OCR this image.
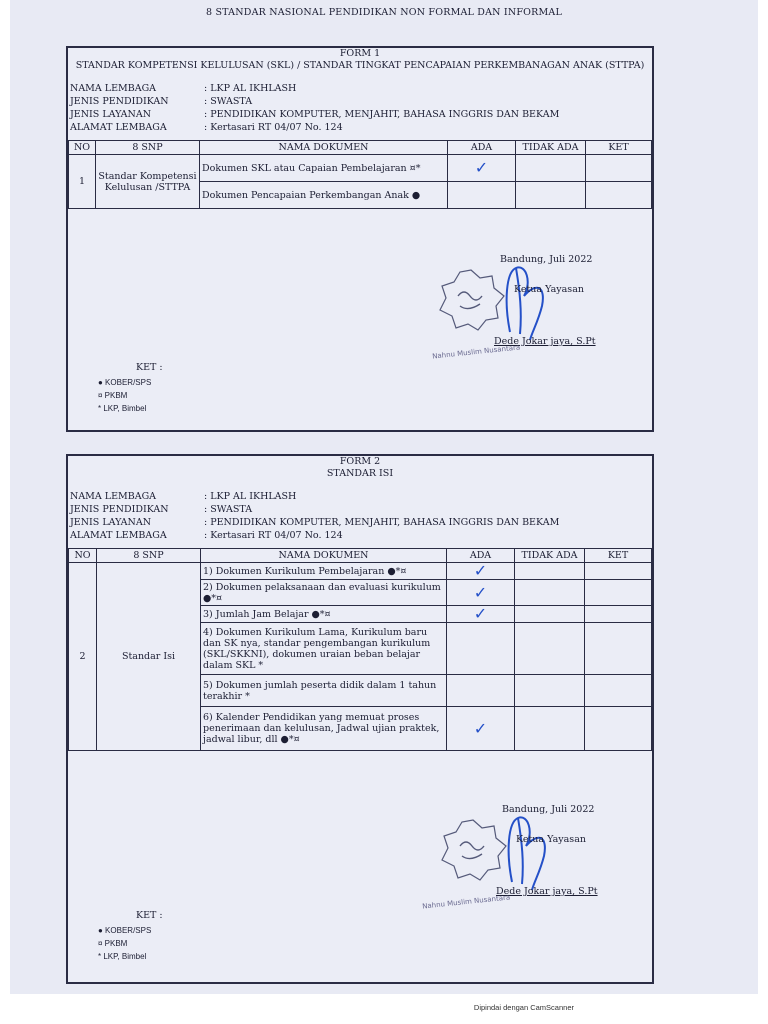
8 STANDAR NASIONAL PENDIDIKAN NON FORMAL DAN INFORMAL
FORM 1
STANDAR KOMPETENSI KELULUSAN (SKL) / STANDAR TINGKAT PENCAPAIAN PERKEMBANAGAN ANAK (STTPA)
NAMA LEMBAGA	: LKP AL IKHLASH
JENIS PENDIDIKAN	: SWASTA
JENIS LAYANAN	: PENDIDIKAN KOMPUTER, MENJAHIT, BAHASA INGGRIS DAN BEKAM
ALAMAT LEMBAGA	: Kertasari RT 04/07 No. 124
NO	8 SNP	NAMA DOKUMEN	ADA	TIDAK ADA	KET
1	Standar Kompetensi Kelulusan /STTPA	Dokumen SKL atau Capaian Pembelajaran ¤*	✓		

		Dokumen Pencapaian Perkembangan Anak ●	

Bandung, Juli 2022
Ketua Yayasan
Dede Jokar jaya, S.Pt
Nahnu Muslim Nusantara
KET :
● KOBER/SPS
¤ PKBM
* LKP, Bimbel
FORM 2
STANDAR ISI
NAMA LEMBAGA	: LKP AL IKHLASH
JENIS PENDIDIKAN	: SWASTA
JENIS LAYANAN	: PENDIDIKAN KOMPUTER, MENJAHIT, BAHASA INGGRIS DAN BEKAM
ALAMAT LEMBAGA	: Kertasari RT 04/07 No. 124
NO	8 SNP	NAMA DOKUMEN	ADA	TIDAK ADA	KET
2	Standar Isi	1) Dokumen Kurikulum Pembelajaran ●*¤	✓		

		2) Dokumen pelaksanaan dan evaluasi kurikulum ●*¤	✓		

		3) Jumlah Jam Belajar ●*¤	✓		

		4) Dokumen Kurikulum Lama, Kurikulum baru dan SK nya, standar pengembangan kurikulum (SKL/SKKNI), dokumen uraian beban belajar dalam SKL *	

		5) Dokumen jumlah peserta didik dalam 1 tahun terakhir *	

		6) Kalender Pendidikan yang memuat proses penerimaan dan kelulusan, Jadwal ujian praktek, jadwal libur, dll ●*¤	✓		

Bandung, Juli 2022
Ketua Yayasan
Dede Jokar jaya, S.Pt
Nahnu Muslim Nusantara
KET :
● KOBER/SPS
¤ PKBM
* LKP, Bimbel
Dipindai dengan CamScanner
